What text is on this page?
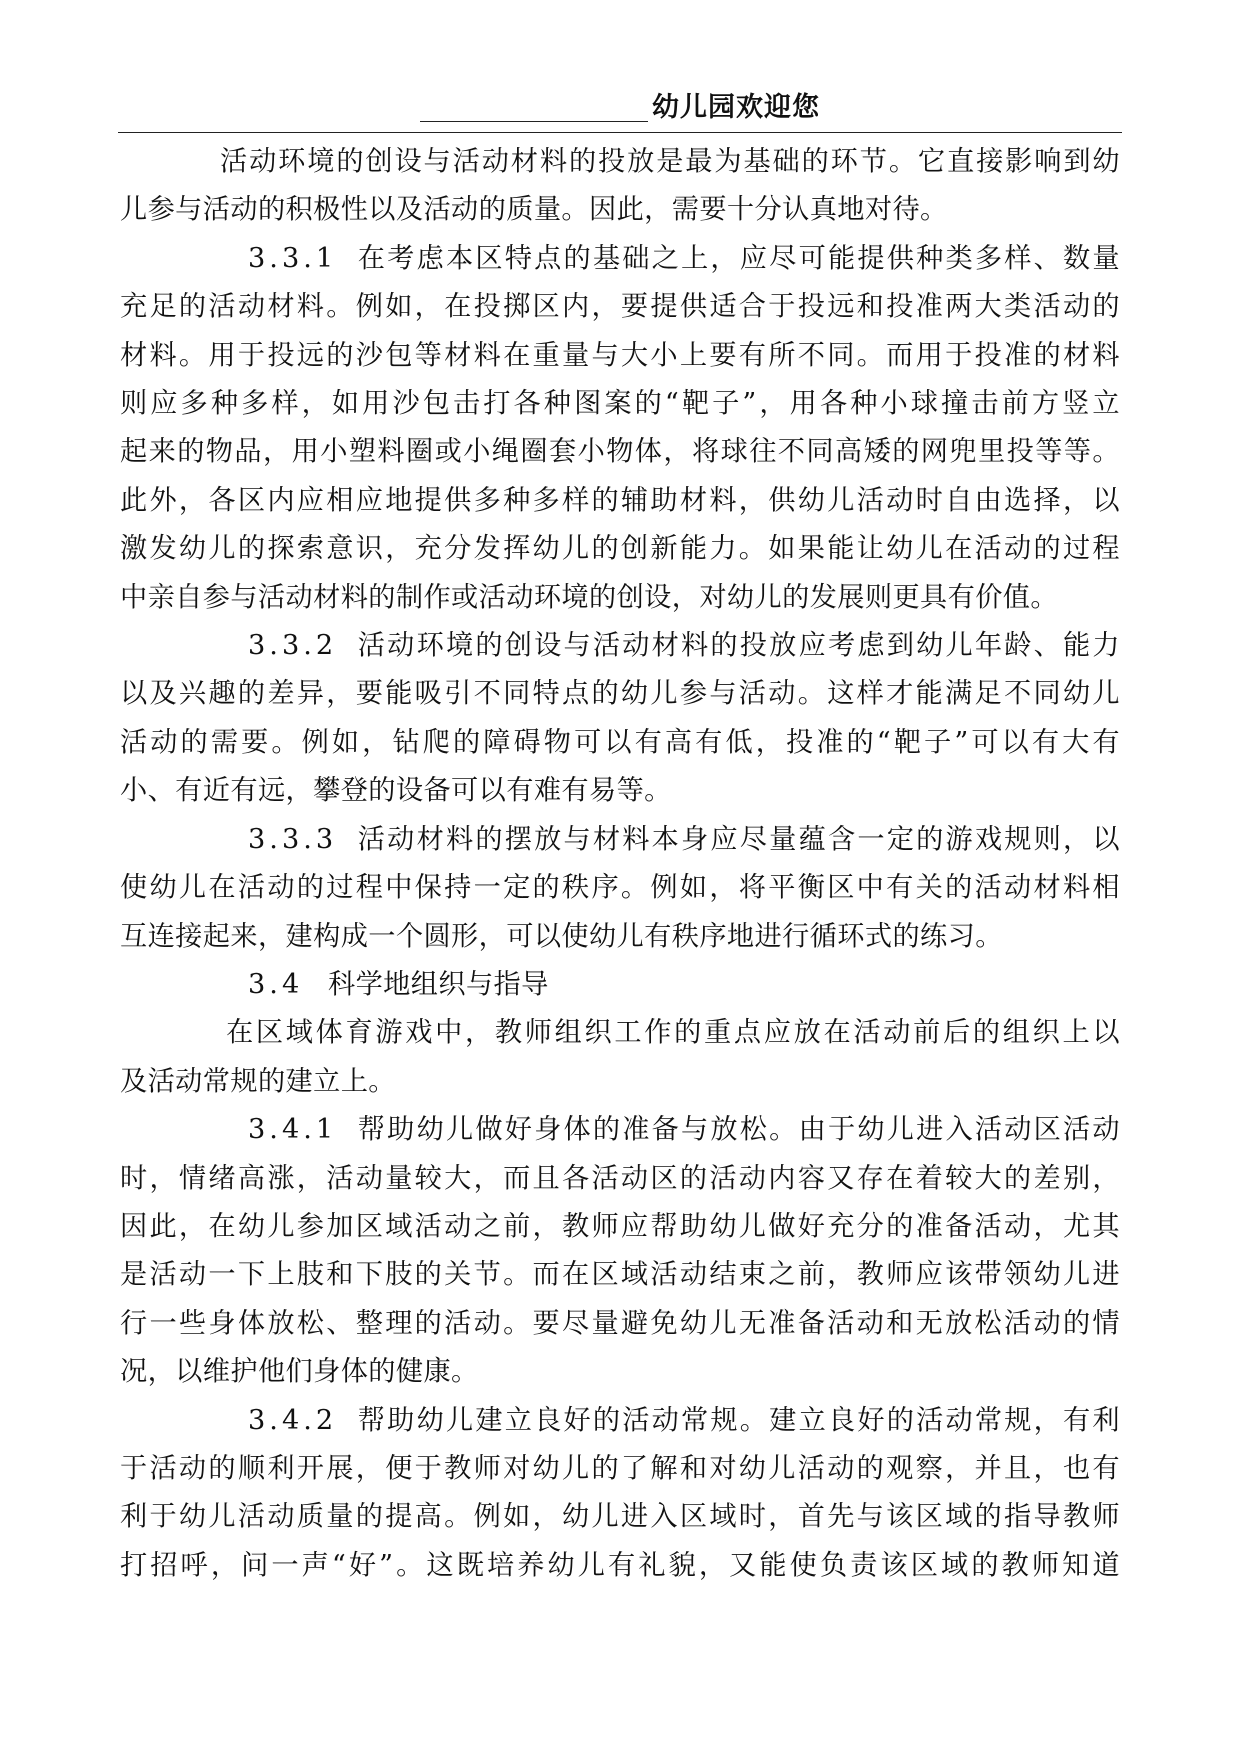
幼儿园欢迎您
活动环境的创设与活动材料的投放是最为基础的环节。它直接影响到幼
儿参与活动的积极性以及活动的质量。因此，需要十分认真地对待。
3.3.1 在考虑本区特点的基础之上，应尽可能提供种类多样、数量
充足的活动材料。例如，在投掷区内，要提供适合于投远和投准两大类活动的
材料。用于投远的沙包等材料在重量与大小上要有所不同。而用于投准的材料
则应多种多样，如用沙包击打各种图案的“靶子”，用各种小球撞击前方竖立
起来的物品，用小塑料圈或小绳圈套小物体，将球往不同高矮的网兜里投等等。
此外，各区内应相应地提供多种多样的辅助材料，供幼儿活动时自由选择，以
激发幼儿的探索意识，充分发挥幼儿的创新能力。如果能让幼儿在活动的过程
中亲自参与活动材料的制作或活动环境的创设，对幼儿的发展则更具有价值。
3.3.2 活动环境的创设与活动材料的投放应考虑到幼儿年龄、能力
以及兴趣的差异，要能吸引不同特点的幼儿参与活动。这样才能满足不同幼儿
活动的需要。例如，钻爬的障碍物可以有高有低，投准的“靶子”可以有大有
小、有近有远，攀登的设备可以有难有易等。
3.3.3 活动材料的摆放与材料本身应尽量蕴含一定的游戏规则，以
使幼儿在活动的过程中保持一定的秩序。例如，将平衡区中有关的活动材料相
互连接起来，建构成一个圆形，可以使幼儿有秩序地进行循环式的练习。
3.4 科学地组织与指导
在区域体育游戏中，教师组织工作的重点应放在活动前后的组织上以
及活动常规的建立上。
3.4.1 帮助幼儿做好身体的准备与放松。由于幼儿进入活动区活动
时，情绪高涨，活动量较大，而且各活动区的活动内容又存在着较大的差别，
因此，在幼儿参加区域活动之前，教师应帮助幼儿做好充分的准备活动，尤其
是活动一下上肢和下肢的关节。而在区域活动结束之前，教师应该带领幼儿进
行一些身体放松、整理的活动。要尽量避免幼儿无准备活动和无放松活动的情
况，以维护他们身体的健康。
3.4.2 帮助幼儿建立良好的活动常规。建立良好的活动常规，有利
于活动的顺利开展，便于教师对幼儿的了解和对幼儿活动的观察，并且，也有
利于幼儿活动质量的提高。例如，幼儿进入区域时，首先与该区域的指导教师
打招呼，问一声“好”。这既培养幼儿有礼貌，又能使负责该区域的教师知道
